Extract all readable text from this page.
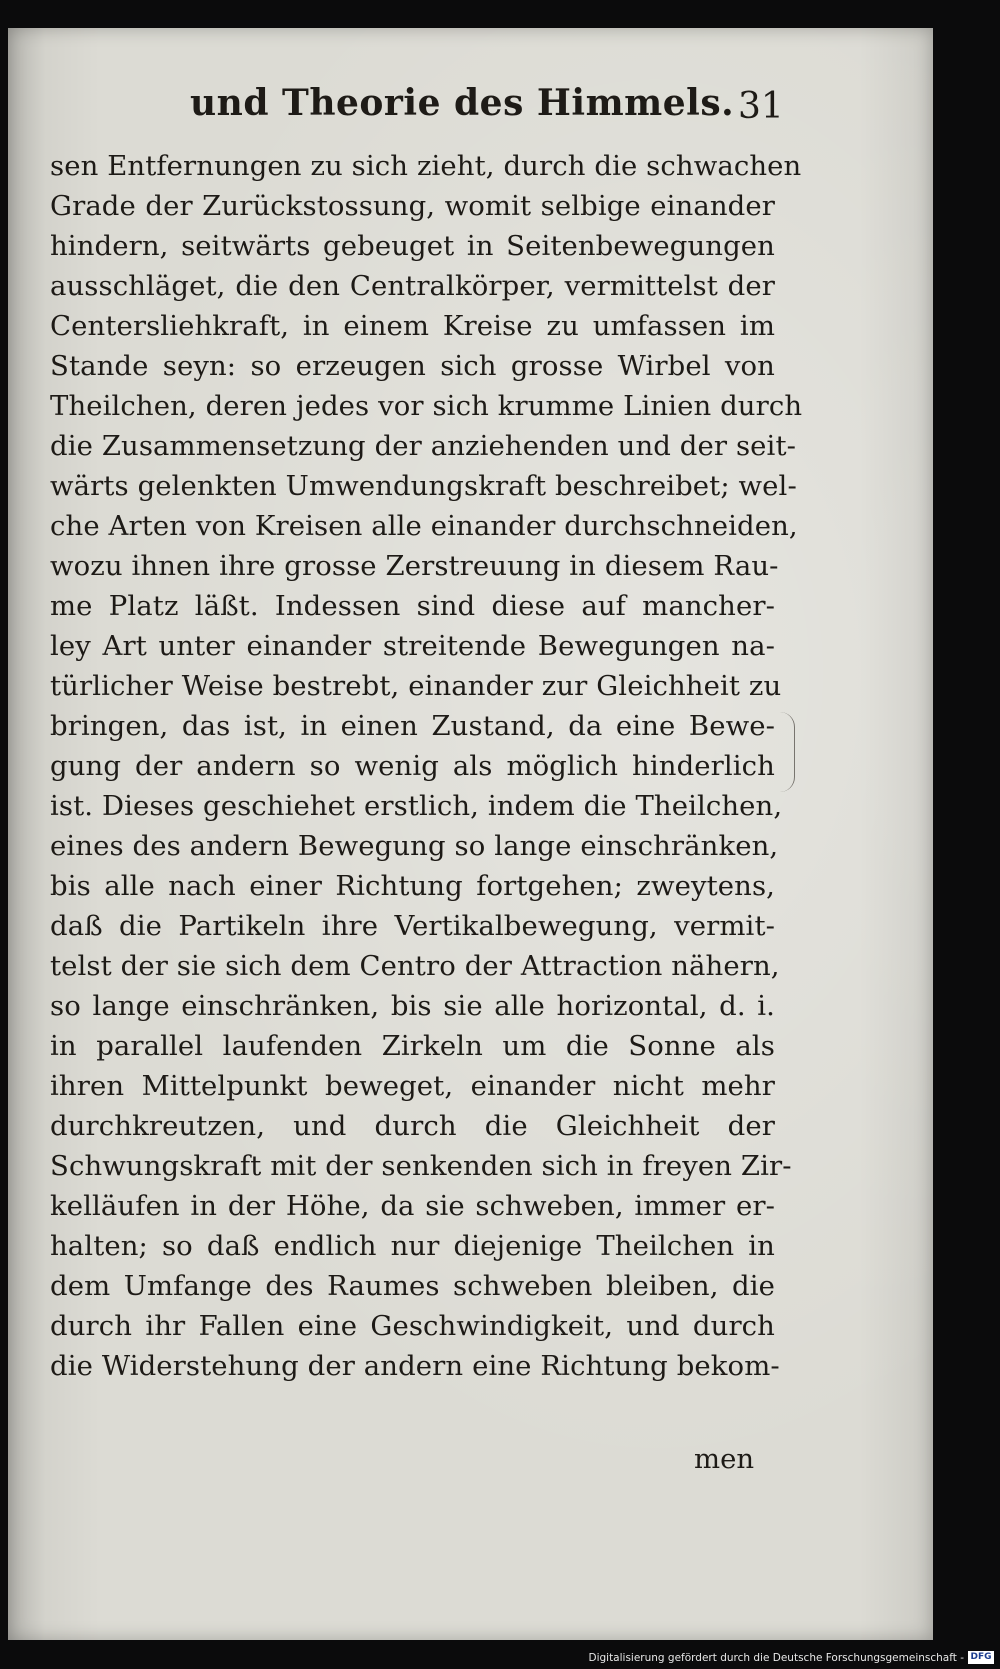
und Theorie des Himmels. 31
sen Entfernungen zu sich zieht, durch die schwachen
Grade der Zurückstossung, womit selbige einander
hindern, seitwärts gebeuget in Seitenbewegungen
ausschläget, die den Centralkörper, vermittelst der
Centersliehkraft, in einem Kreise zu umfassen im
Stande seyn: so erzeugen sich grosse Wirbel von
Theilchen, deren jedes vor sich krumme Linien durch
die Zusammensetzung der anziehenden und der seit-
wärts gelenkten Umwendungskraft beschreibet; wel-
che Arten von Kreisen alle einander durchschneiden,
wozu ihnen ihre grosse Zerstreuung in diesem Rau-
me Platz läßt. Indessen sind diese auf mancher-
ley Art unter einander streitende Bewegungen na-
türlicher Weise bestrebt, einander zur Gleichheit zu
bringen, das ist, in einen Zustand, da eine Bewe-
gung der andern so wenig als möglich hinderlich
ist. Dieses geschiehet erstlich, indem die Theilchen,
eines des andern Bewegung so lange einschränken,
bis alle nach einer Richtung fortgehen; zweytens,
daß die Partikeln ihre Vertikalbewegung, vermit-
telst der sie sich dem Centro der Attraction nähern,
so lange einschränken, bis sie alle horizontal, d. i.
in parallel laufenden Zirkeln um die Sonne als
ihren Mittelpunkt beweget, einander nicht mehr
durchkreutzen, und durch die Gleichheit der
Schwungskraft mit der senkenden sich in freyen Zir-
kelläufen in der Höhe, da sie schweben, immer er-
halten; so daß endlich nur diejenige Theilchen in
dem Umfange des Raumes schweben bleiben, die
durch ihr Fallen eine Geschwindigkeit, und durch
die Widerstehung der andern eine Richtung bekom-
men
Digitalisierung gefördert durch die Deutsche Forschungsgemeinschaft - DFG
